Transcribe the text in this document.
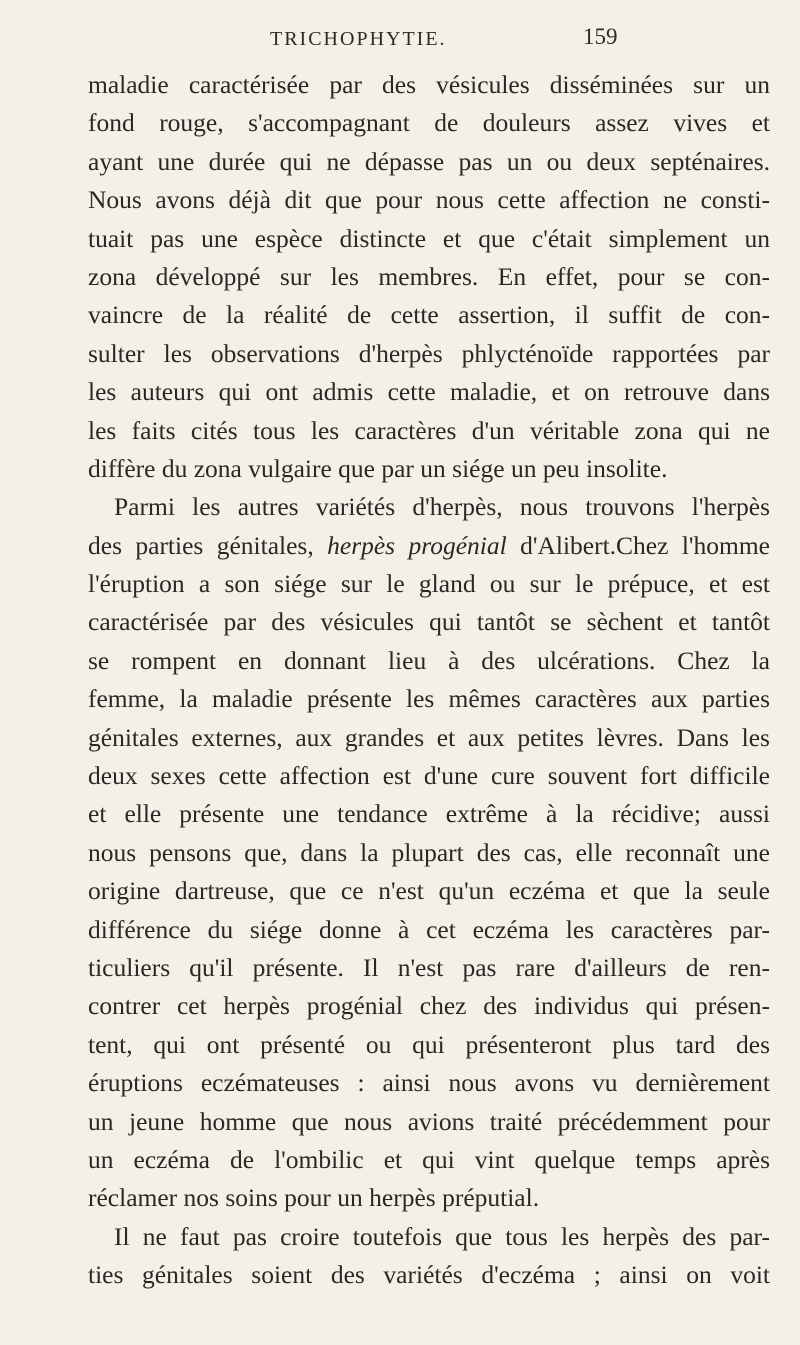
TRICHOPHYTIE.	159
maladie caractérisée par des vésicules disséminées sur un
fond rouge, s'accompagnant de douleurs assez vives et
ayant une durée qui ne dépasse pas un ou deux septénaires.
Nous avons déjà dit que pour nous cette affection ne consti-
tuait pas une espèce distincte et que c'était simplement un
zona développé sur les membres. En effet, pour se con-
vaincre de la réalité de cette assertion, il suffit de con-
sulter les observations d'herpès phlycténoïde rapportées par
les auteurs qui ont admis cette maladie, et on retrouve dans
les faits cités tous les caractères d'un véritable zona qui ne
diffère du zona vulgaire que par un siége un peu insolite.
Parmi les autres variétés d'herpès, nous trouvons l'herpès
des parties génitales, herpès progénial d'Alibert.Chez l'homme
l'éruption a son siége sur le gland ou sur le prépuce, et est
caractérisée par des vésicules qui tantôt se sèchent et tantôt
se rompent en donnant lieu à des ulcérations. Chez la
femme, la maladie présente les mêmes caractères aux parties
génitales externes, aux grandes et aux petites lèvres. Dans les
deux sexes cette affection est d'une cure souvent fort difficile
et elle présente une tendance extrême à la récidive; aussi
nous pensons que, dans la plupart des cas, elle reconnaît une
origine dartreuse, que ce n'est qu'un eczéma et que la seule
différence du siége donne à cet eczéma les caractères par-
ticuliers qu'il présente. Il n'est pas rare d'ailleurs de ren-
contrer cet herpès progénial chez des individus qui présen-
tent, qui ont présenté ou qui présenteront plus tard des
éruptions eczémateuses : ainsi nous avons vu dernièrement
un jeune homme que nous avions traité précédemment pour
un eczéma de l'ombilic et qui vint quelque temps après
réclamer nos soins pour un herpès préputial.
Il ne faut pas croire toutefois que tous les herpès des par-
ties génitales soient des variétés d'eczéma ; ainsi on voit
